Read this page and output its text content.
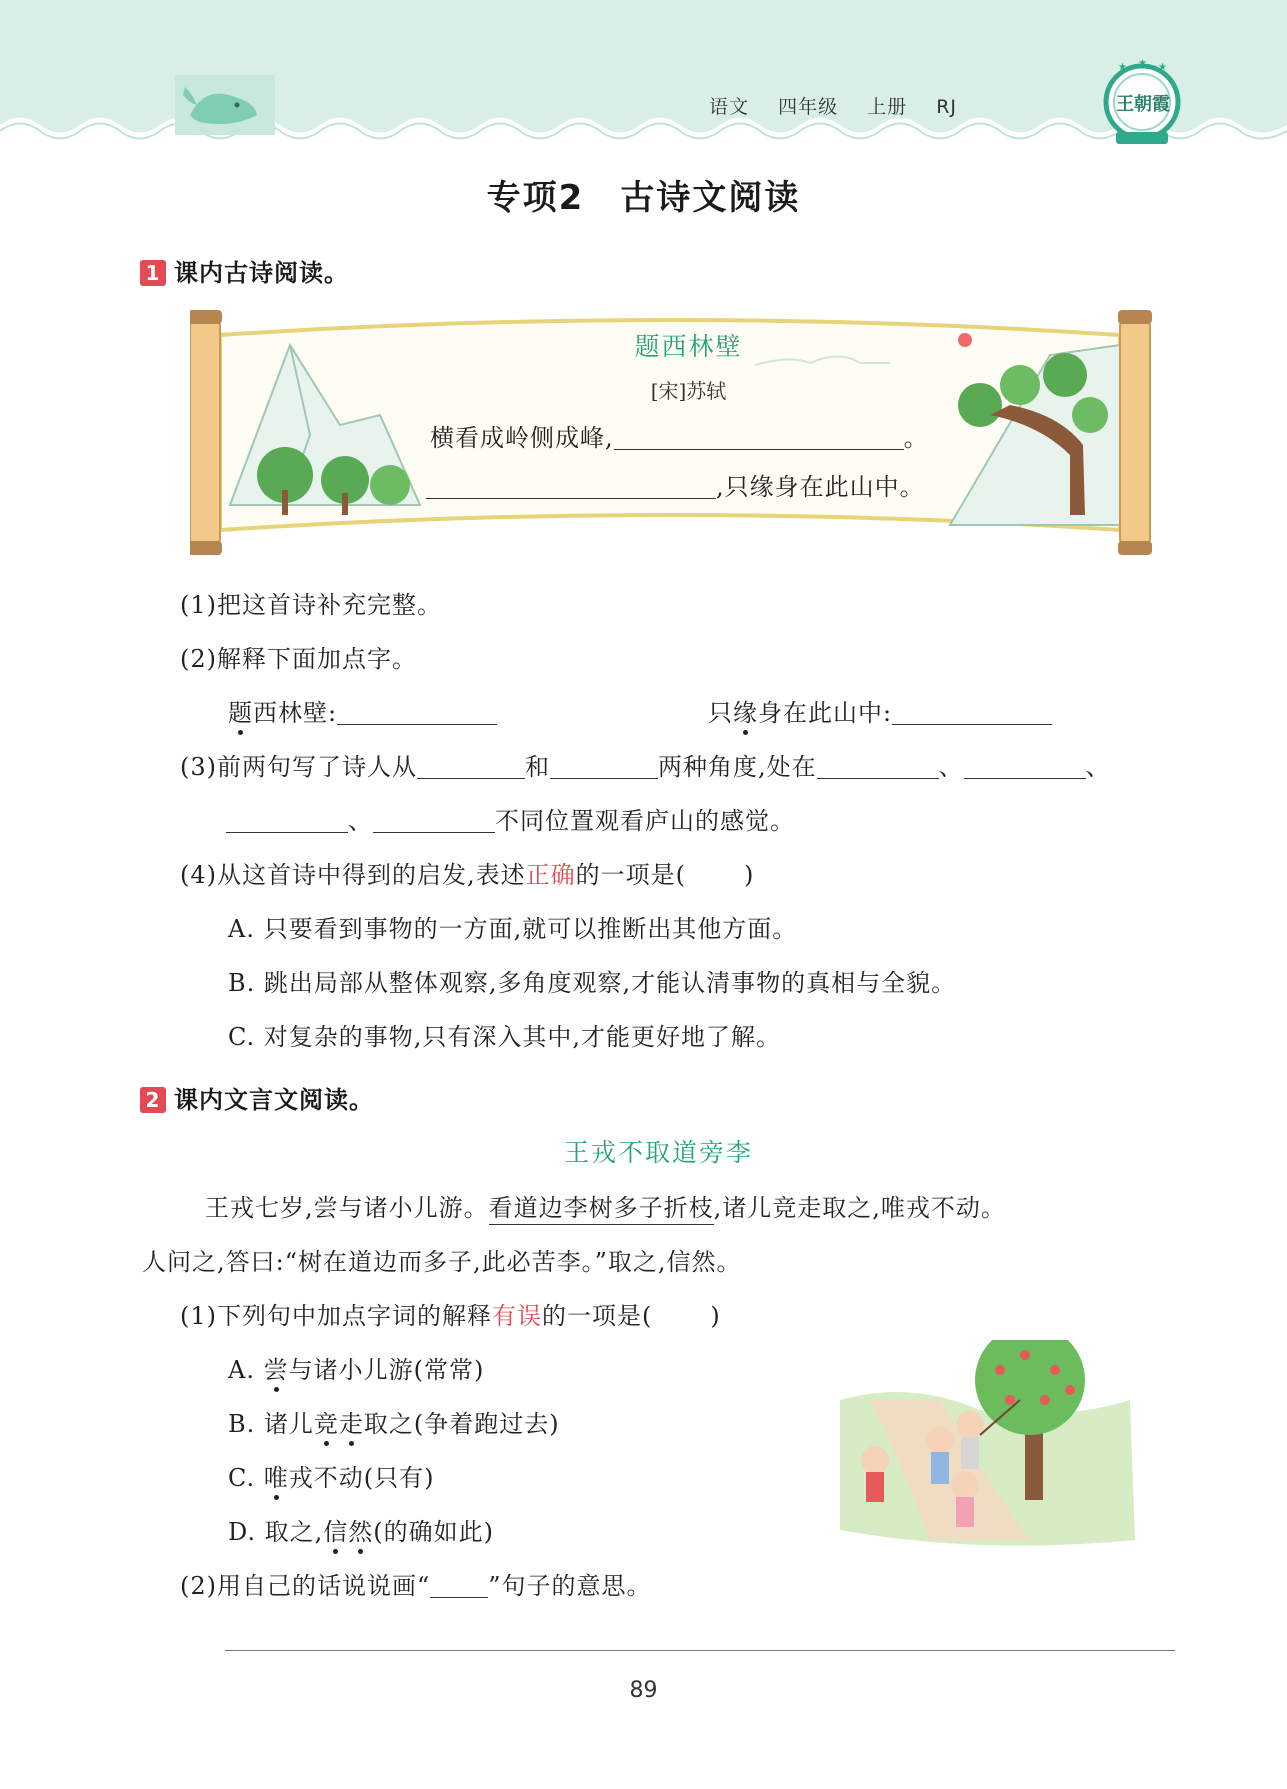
语文 四年级 上册 RJ
★ ★ ★
王朝霞
专项2　古诗文阅读
1 课内古诗阅读。
题西林壁
[宋]苏轼
横看成岭侧成峰,	。
,只缘身在此山中。
(1)把这首诗补充完整。
(2)解释下面加点字。
题西林壁:	只缘身在此山中:
(3)前两句写了诗人从	和	两种角度,处在	、	、
、	不同位置观看庐山的感觉。
(4)从这首诗中得到的启发,表述正确的一项是( )
A. 只要看到事物的一方面,就可以推断出其他方面。
B. 跳出局部从整体观察,多角度观察,才能认清事物的真相与全貌。
C. 对复杂的事物,只有深入其中,才能更好地了解。
2 课内文言文阅读。
王戎不取道旁李
王戎七岁,尝与诸小儿游。看道边李树多子折枝,诸儿竞走取之,唯戎不动。
人问之,答曰:“树在道边而多子,此必苦李。”取之,信然。
(1)下列句中加点字词的解释有误的一项是( )
A. 尝与诸小儿游(常常)
B. 诸儿竞走取之(争着跑过去)
C. 唯戎不动(只有)
D. 取之,信然(的确如此)
(2)用自己的话说说画“ ”句子的意思。
89
